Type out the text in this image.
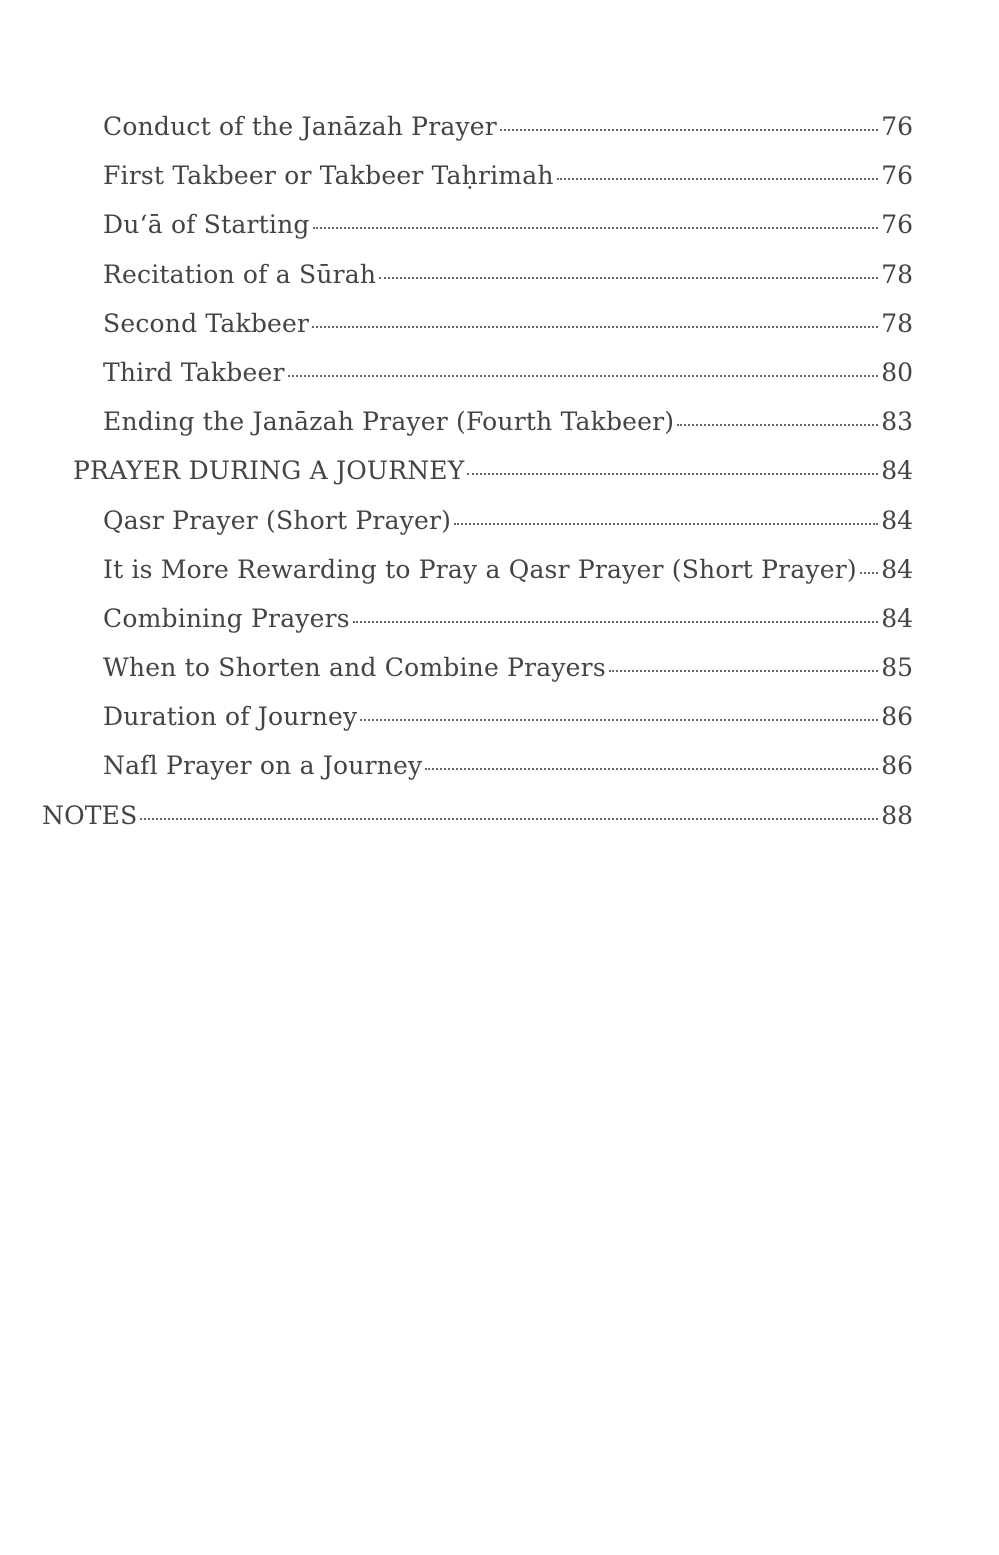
Conduct of the Janāzah Prayer	76
First Takbeer or Takbeer Taḥrimah	76
Du‘ā of Starting	76
Recitation of a Sūrah	78
Second Takbeer	78
Third Takbeer	80
Ending the Janāzah Prayer (Fourth Takbeer)	83
PRAYER DURING A JOURNEY	84
Qasr Prayer (Short Prayer)	84
It is More Rewarding to Pray a Qasr Prayer (Short Prayer) 84
Combining Prayers	84
When to Shorten and Combine Prayers	85
Duration of Journey	86
Nafl Prayer on a Journey	86
NOTES	88
